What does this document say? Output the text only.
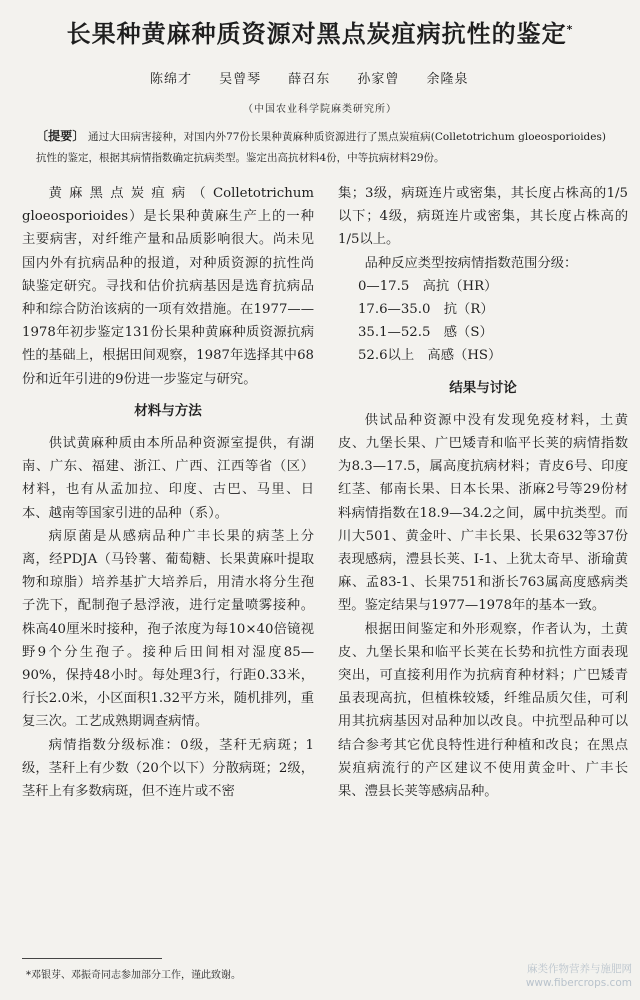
长果种黄麻种质资源对黑点炭疽病抗性的鉴定*
陈绵才 吴曾琴 薛召东 孙家曾 余隆泉
（中国农业科学院麻类研究所）
〔提要〕 通过大田病害接种，对国内外77份长果种黄麻种质资源进行了黑点炭疽病(Colletotrichum gloeosporioides)抗性的鉴定，根据其病情指数确定抗病类型。鉴定出高抗材料4份，中等抗病材料29份。

黄麻黑点炭疽病（Colletotrichum gloeosporioides）是长果种黄麻生产上的一种主要病害，对纤维产量和品质影响很大。尚未见国内外有抗病品种的报道，对种质资源的抗性尚缺鉴定研究。寻找和估价抗病基因是选育抗病品种和综合防治该病的一项有效措施。在1977——1978年初步鉴定131份长果种黄麻种质资源抗病性的基础上，根据田间观察，1987年选择其中68份和近年引进的9份进一步鉴定与研究。

材料与方法

供试黄麻种质由本所品种资源室提供，有湖南、广东、福建、浙江、广西、江西等省（区）材料，也有从孟加拉、印度、古巴、马里、日本、越南等国家引进的品种（系）。

病原菌是从感病品种广丰长果的病茎上分离，经PDJA（马铃薯、葡萄糖、长果黄麻叶提取物和琼脂）培养基扩大培养后，用清水将分生孢子洗下，配制孢子悬浮液，进行定量喷雾接种。株高40厘米时接种，孢子浓度为每10×40倍镜视野9个分生孢子。接种后田间相对湿度85—90%，保持48小时。每处理3行，行距0.33米，行长2.0米，小区面积1.32平方米，随机排列，重复三次。工艺成熟期调查病情。

病情指数分级标准：0级，茎秆无病斑；1级，茎秆上有少数（20个以下）分散病斑；2级，茎秆上有多数病斑，但不连片或不密

集；3级，病斑连片或密集，其长度占株高的1/5以下；4级，病斑连片或密集，其长度占株高的1/5以上。

品种反应类型按病情指数范围分级：

0—17.5　高抗（HR）

17.6—35.0　抗（R）

35.1—52.5　感（S）

52.6以上　高感（HS）

结果与讨论

供试品种资源中没有发现免疫材料，土黄皮、九堡长果、广巴矮青和临平长荚的病情指数为8.3—17.5，属高度抗病材料；青皮6号、印度红茎、郁南长果、日本长果、浙麻2号等29份材料病情指数在18.9—34.2之间，属中抗类型。而川大501、黄金叶、广丰长果、长果632等37份表现感病，澧县长荚、Ⅰ-1、上犹太奇早、浙瑜黄麻、孟83-1、长果751和浙长763属高度感病类型。鉴定结果与1977—1978年的基本一致。

根据田间鉴定和外形观察，作者认为，土黄皮、九堡长果和临平长荚在长势和抗性方面表现突出，可直接利用作为抗病育种材料；广巴矮青虽表现高抗，但植株较矮，纤维品质欠佳，可利用其抗病基因对品种加以改良。中抗型品种可以结合参考其它优良特性进行种植和改良；在黑点炭疽病流行的产区建议不使用黄金叶、广丰长果、澧县长荚等感病品种。

*邓银芽、邓振奇同志参加部分工作，谨此致谢。
麻类作物营养与施肥网
www.fibercrops.com
